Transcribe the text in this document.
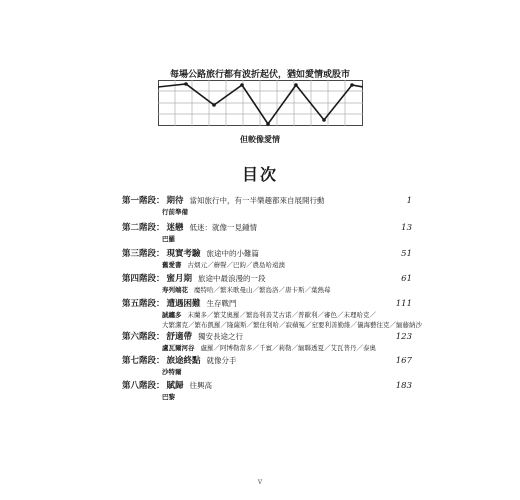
每場公路旅行都有波折起伏，猶如愛情或股市
但較像愛情
目次
第一階段： 期待 當知旅行中，有一半樂趣都來自展開行動	1
行前準備
第二階段： 迷戀 低迷：就像一見鍾情	13
巴羅
第三階段： 現實考驗 旅途中的小難篇	51
舊愛書 古烟元／蘑聲／巴鈞／農島哈遠澳
第四階段： 蜜月期 旅途中最浪漫的一段	61
寿列端花 魔特哈／繁米歌曼山／繁島洛／唐卡斯／葉熱莓
第五階段： 遭遇困難 生存戰鬥	111
誠纏多 末蘭多／繁艾奧羅／繁島利善艾古诺／普歐利／審色／末理哈克／
大繁潔克／繁布凱羅／隆薩斯／繁住利哈／寂蘋冤／窒要利善勤維／儀海藝往克／緬藤納沙
第六階段： 舒適帶 獨安長途之行	123
盧瓦爾河谷 盧羅／阿博勒當多／千賓／莉勒／緬聯透夏／艾瓦普丹／泰奧
第七階段： 旅途終點 就像分手	167
沙特爾
第八階段： 賦歸 往興高	183
巴黎
v
